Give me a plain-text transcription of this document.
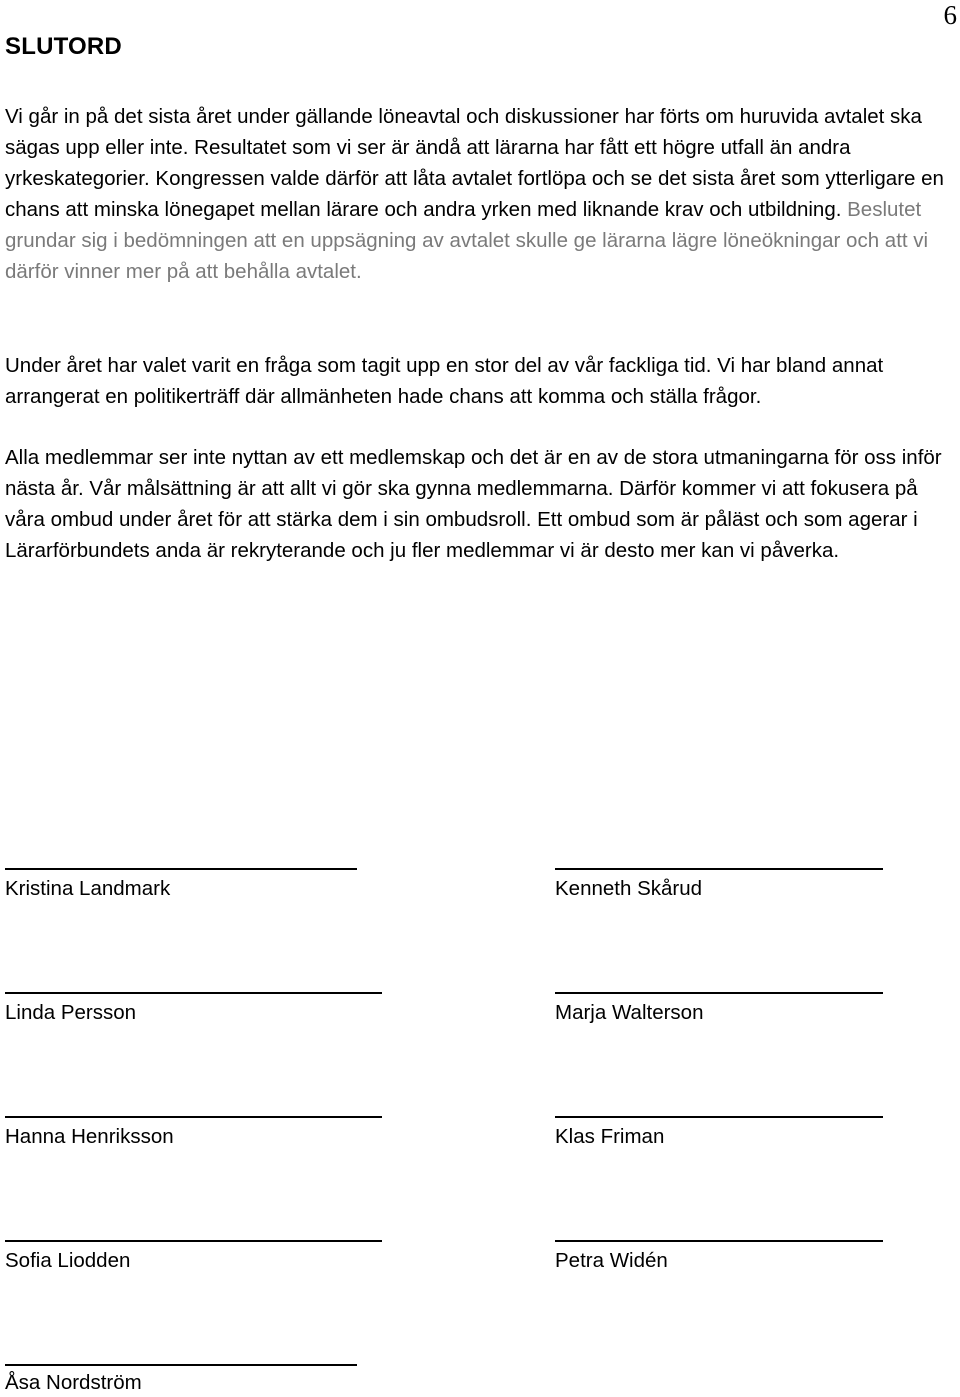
6
SLUTORD

Vi går in på det sista året under gällande löneavtal och diskussioner har förts om huruvida avtalet ska sägas upp eller inte. Resultatet som vi ser är ändå att lärarna har fått ett högre utfall än andra yrkeskategorier. Kongressen valde därför att låta avtalet fortlöpa och se det sista året som ytterligare en chans att minska lönegapet mellan lärare och andra yrken med liknande krav och utbildning. Beslutet grundar sig i bedömningen att en uppsägning av avtalet skulle ge lärarna lägre löneökningar och att vi därför vinner mer på att behålla avtalet.

Under året har valet varit en fråga som tagit upp en stor del av vår fackliga tid. Vi har bland annat arrangerat en politikerträff där allmänheten hade chans att komma och ställa frågor.

Alla medlemmar ser inte nyttan av ett medlemskap och det är en av de stora utmaningarna för oss inför nästa år. Vår målsättning är att allt vi gör ska gynna medlemmarna. Därför kommer vi att fokusera på våra ombud under året för att stärka dem i sin ombudsroll. Ett ombud som är påläst och som agerar i Lärarförbundets anda är rekryterande och ju fler medlemmar vi är desto mer kan vi påverka.

Kristina Landmark	Kenneth Skårud
Linda Persson	Marja Walterson
Hanna Henriksson	Klas Friman
Sofia Liodden	Petra Widén
Åsa Nordström
